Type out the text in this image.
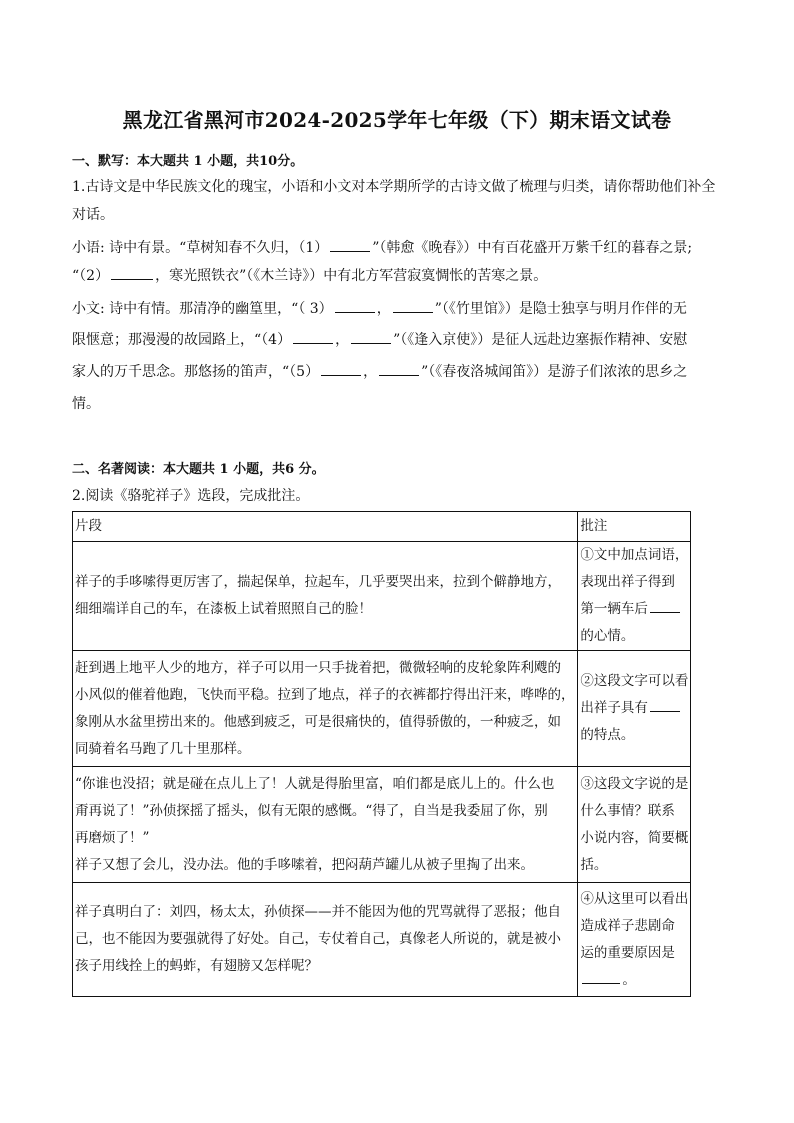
黑龙江省黑河市2024-2025学年七年级（下）期末语文试卷
一、默写：本大题共 1 小题，共10分。
1.古诗文是中华民族文化的瑰宝，小语和小文对本学期所学的古诗文做了梳理与归类，请你帮助他们补全
对话。
小语: 诗中有景。“草树知春不久归，（1）	”（韩愈《晚春》）中有百花盛开万紫千红的暮春之景;
“（2）	，寒光照铁衣”（《木兰诗》）中有北方军营寂寞惆怅的苦寒之景。
小文: 诗中有情。那清净的幽篁里，“（ 3）	，	”（《竹里馆》）是隐士独享与明月作伴的无
限惬意；那漫漫的故园路上，“（4）	，	”（《逢入京使》）是征人远赴边塞振作精神、安慰
家人的万千思念。那悠扬的笛声，“（5）	，	”（《春夜洛城闻笛》）是游子们浓浓的思乡之
情。
二、名著阅读：本大题共 1 小题，共6 分。
2.阅读《骆驼祥子》选段，完成批注。
片段	批注

祥子的手哆嗦得更厉害了，揣起保单，拉起车，几乎要哭出来，拉到个僻静地方，
细细端详自己的车，在漆板上试着照照自己的脸！	①文中加点词语，
表现出祥子得到
第一辆车后
的心情。

赶到遇上地平人少的地方，祥子可以用一只手拢着把，微微轻响的皮轮象阵利飕的
小风似的催着他跑，飞快而平稳。拉到了地点，祥子的衣裤都拧得出汗来，哗哗的，
象刚从水盆里捞出来的。他感到疲乏，可是很痛快的，值得骄傲的，一种疲乏，如
同骑着名马跑了几十里那样。	②这段文字可以看
出祥子具有
的特点。

“你谁也没招；就是碰在点儿上了！人就是得胎里富，咱们都是底儿上的。什么也
甭再说了！”孙侦探摇了摇头，似有无限的感慨。“得了，自当是我委屈了你，别
再磨烦了！”
祥子又想了会儿，没办法。他的手哆嗦着，把闷葫芦罐儿从被子里掏了出来。	③这段文字说的是
什么事情？联系
小说内容，简要概
括。

祥子真明白了：刘四，杨太太，孙侦探——并不能因为他的咒骂就得了恶报；他自
己，也不能因为要强就得了好处。自己，专仗着自己，真像老人所说的，就是被小
孩子用线拴上的蚂蚱，有翅膀又怎样呢？	④从这里可以看出
造成祥子悲剧命
运的重要原因是
。
